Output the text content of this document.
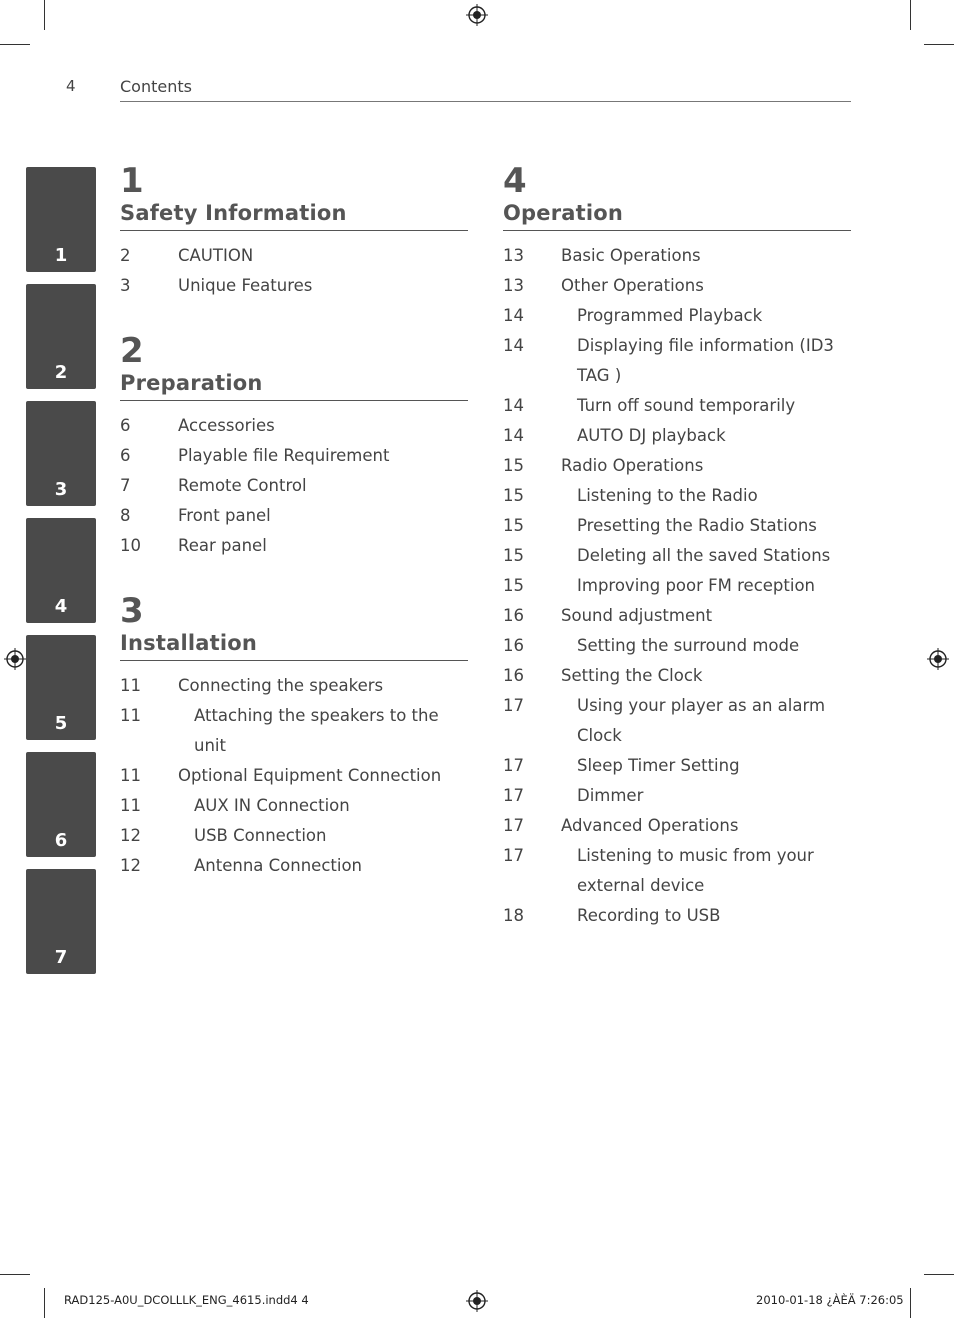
4	Contents
1
2
3
4
5
6
7
1
Safety Information
2	CAUTION
3	Unique Features
2
Preparation
6	Accessories
6	Playable file Requirement
7	Remote Control
8	Front panel
10	Rear panel
3
Installation
11	Connecting the speakers
11	Attaching the speakers to the unit
11	Optional Equipment Connection
11	AUX IN Connection
12	USB Connection
12	Antenna Connection
4
Operation
13	Basic Operations
13	Other Operations
14	Programmed Playback
14	Displaying file information (ID3 TAG )
14	Turn off sound temporarily
14	AUTO DJ playback
15	Radio Operations
15	Listening to the Radio
15	Presetting the Radio Stations
15	Deleting all the saved Stations
15	Improving poor FM reception
16	Sound adjustment
16	Setting the surround mode
16	Setting the Clock
17	Using your player as an alarm Clock
17	Sleep Timer Setting
17	Dimmer
17	Advanced Operations
17	Listening to music from your external device
18	Recording to USB
RAD125-A0U_DCOLLLK_ENG_4615.indd4 4	2010-01-18 ¿ÀÈÄ 7:26:05
